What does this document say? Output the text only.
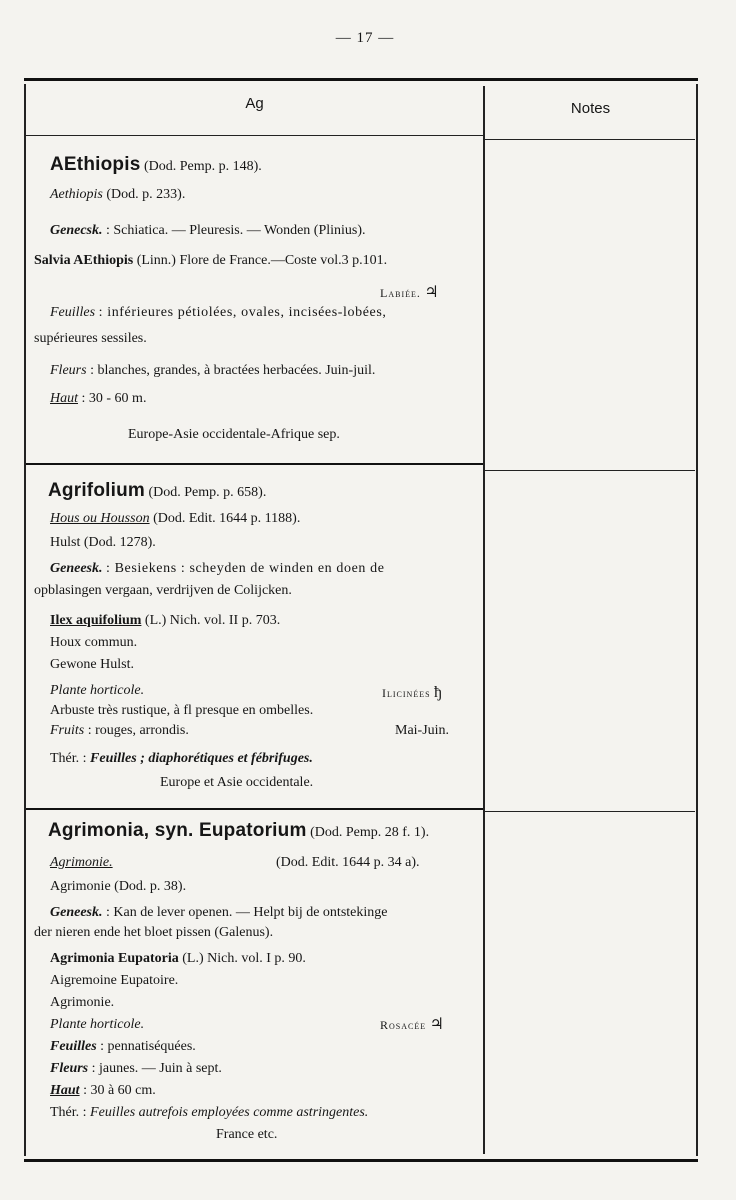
— 17 —
Ag	Notes
AEthiopis (Dod. Pemp. p. 148).
Aethiopis (Dod. p. 233).
Genecsk. : Schiatica. — Pleuresis. — Wonden (Plinius).
Salvia AEthiopis (Linn.) Flore de France.—Coste vol.3 p.101.
Labiée. ♃
Feuilles : inférieures pétiolées, ovales, incisées-lobées,
supérieures sessiles.
Fleurs : blanches, grandes, à bractées herbacées. Juin-juil.
Haut : 30 - 60 m.
Europe-Asie occidentale-Afrique sep.
Agrifolium (Dod. Pemp. p. 658).
Hous ou Housson (Dod. Edit. 1644 p. 1188).
Hulst (Dod. 1278).
Geneesk. : Besiekens : scheyden de winden en doen de
opblasingen vergaan, verdrijven de Colijcken.
Ilex aquifolium (L.) Nich. vol. II p. 703.
Houx commun.
Gewone Hulst.
Plante horticole.	Ilicinées ђ
Arbuste très rustique, à fl presque en ombelles.
Fruits : rouges, arrondis.	Mai-Juin.
Thér. : Feuilles ; diaphorétiques et fébrifuges.
Europe et Asie occidentale.
Agrimonia, syn. Eupatorium (Dod. Pemp. 28 f. 1).
Agrimonie.	(Dod. Edit. 1644 p. 34 a).
Agrimonie (Dod. p. 38).
Geneesk. : Kan de lever openen. — Helpt bij de ontstekinge
der nieren ende het bloet pissen (Galenus).
Agrimonia Eupatoria (L.) Nich. vol. I p. 90.
Aigremoine Eupatoire.
Agrimonie.
Plante horticole.	Rosacée ♃
Feuilles : pennatiséquées.
Fleurs : jaunes. — Juin à sept.
Haut : 30 à 60 cm.
Thér. : Feuilles autrefois employées comme astringentes.
France etc.
